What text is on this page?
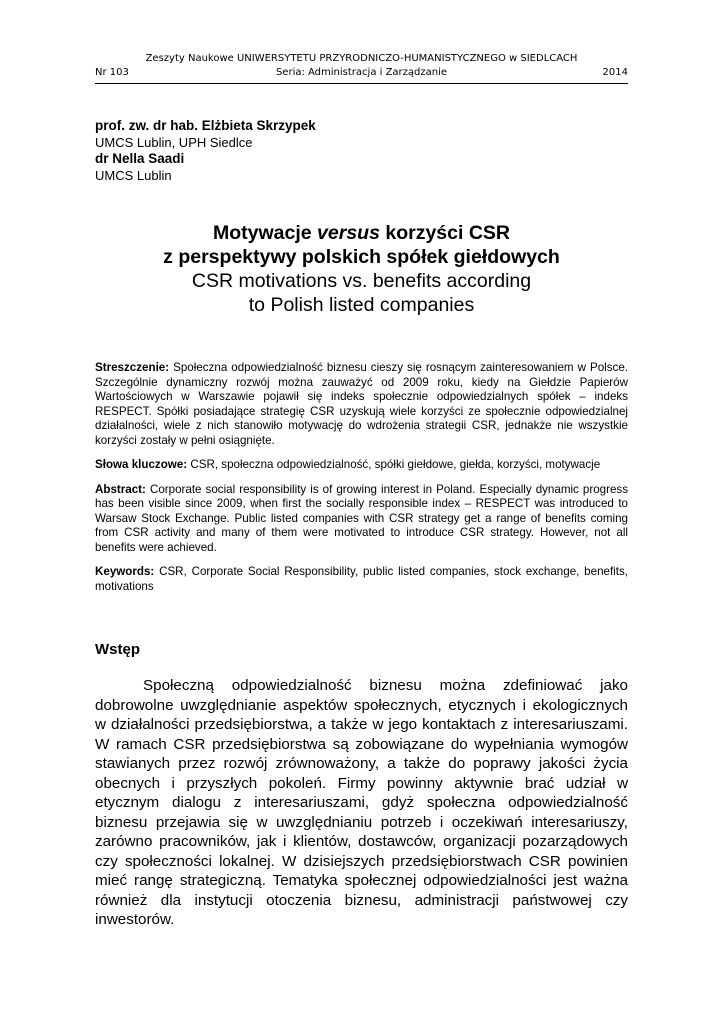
Zeszyty Naukowe UNIWERSYTETU PRZYRODNICZO-HUMANISTYCZNEGO w SIEDLCACH
Nr 103	Seria: Administracja i Zarządzanie	2014
prof. zw. dr hab. Elżbieta Skrzypek
UMCS Lublin, UPH Siedlce
dr Nella Saadi
UMCS Lublin
Motywacje versus korzyści CSR
z perspektywy polskich spółek giełdowych
CSR motivations vs. benefits according
to Polish listed companies

Streszczenie: Społeczna odpowiedzialność biznesu cieszy się rosnącym zainteresowaniem w Polsce. Szczególnie dynamiczny rozwój można zauważyć od 2009 roku, kiedy na Giełdzie Papierów Wartościowych w Warszawie pojawił się indeks społecznie odpowiedzialnych spółek – indeks RESPECT. Spółki posiadające strategię CSR uzyskują wiele korzyści ze społecznie odpowiedzialnej działalności, wiele z nich stanowiło motywację do wdrożenia strategii CSR, jednakże nie wszystkie korzyści zostały w pełni osiągnięte.

Słowa kluczowe: CSR, społeczna odpowiedzialność, spółki giełdowe, giełda, korzyści, motywacje

Abstract: Corporate social responsibility is of growing interest in Poland. Especially dynamic progress has been visible since 2009, when first the socially responsible index – RESPECT was introduced to Warsaw Stock Exchange. Public listed companies with CSR strategy get a range of benefits coming from CSR activity and many of them were motivated to introduce CSR strategy. However, not all benefits were achieved.

Keywords: CSR, Corporate Social Responsibility, public listed companies, stock exchange, benefits, motivations

Wstęp

Społeczną odpowiedzialność biznesu można zdefiniować jako dobrowolne uwzględnianie aspektów społecznych, etycznych i ekologicznych w działalności przedsiębiorstwa, a także w jego kontaktach z interesariuszami. W ramach CSR przedsiębiorstwa są zobowiązane do wypełniania wymogów stawianych przez rozwój zrównoważony, a także do poprawy jakości życia obecnych i przyszłych pokoleń. Firmy powinny aktywnie brać udział w etycznym dialogu z interesariuszami, gdyż społeczna odpowiedzialność biznesu przejawia się w uwzględnianiu potrzeb i oczekiwań interesariuszy, zarówno pracowników, jak i klientów, dostawców, organizacji pozarządowych czy społeczności lokalnej. W dzisiejszych przedsiębiorstwach CSR powinien mieć rangę strategiczną. Tematyka społecznej odpowiedzialności jest ważna również dla instytucji otoczenia biznesu, administracji państwowej czy inwestorów.
